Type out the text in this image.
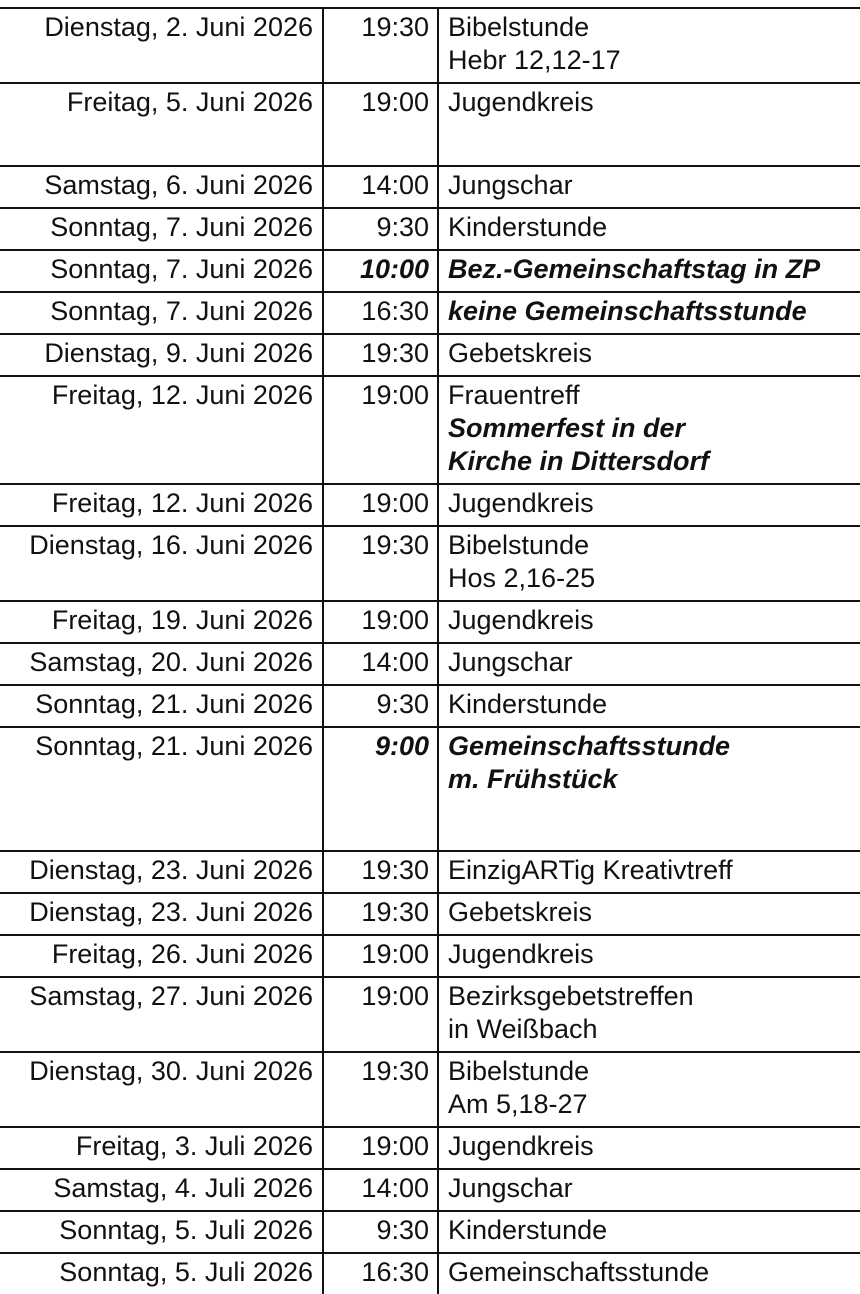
Dienstag, 2. Juni 2026	19:30	Bibelstunde
Hebr 12,12-17

Freitag, 5. Juni 2026	19:00	Jugendkreis

Samstag, 6. Juni 2026	14:00	Jungschar

Sonntag, 7. Juni 2026	9:30	Kinderstunde

Sonntag, 7. Juni 2026	10:00	Bez.-Gemeinschaftstag in ZP

Sonntag, 7. Juni 2026	16:30	keine Gemeinschaftsstunde

Dienstag, 9. Juni 2026	19:30	Gebetskreis

Freitag, 12. Juni 2026	19:00	Frauentreff
Sommerfest in der
Kirche in Dittersdorf

Freitag, 12. Juni 2026	19:00	Jugendkreis

Dienstag, 16. Juni 2026	19:30	Bibelstunde
Hos 2,16-25

Freitag, 19. Juni 2026	19:00	Jugendkreis

Samstag, 20. Juni 2026	14:00	Jungschar

Sonntag, 21. Juni 2026	9:30	Kinderstunde

Sonntag, 21. Juni 2026	9:00	Gemeinschaftsstunde
m. Frühstück

Dienstag, 23. Juni 2026	19:30	EinzigARTig Kreativtreff

Dienstag, 23. Juni 2026	19:30	Gebetskreis

Freitag, 26. Juni 2026	19:00	Jugendkreis

Samstag, 27. Juni 2026	19:00	Bezirksgebetstreffen
in Weißbach

Dienstag, 30. Juni 2026	19:30	Bibelstunde
Am 5,18-27

Freitag, 3. Juli 2026	19:00	Jugendkreis

Samstag, 4. Juli 2026	14:00	Jungschar

Sonntag, 5. Juli 2026	9:30	Kinderstunde

Sonntag, 5. Juli 2026	16:30	Gemeinschaftsstunde
